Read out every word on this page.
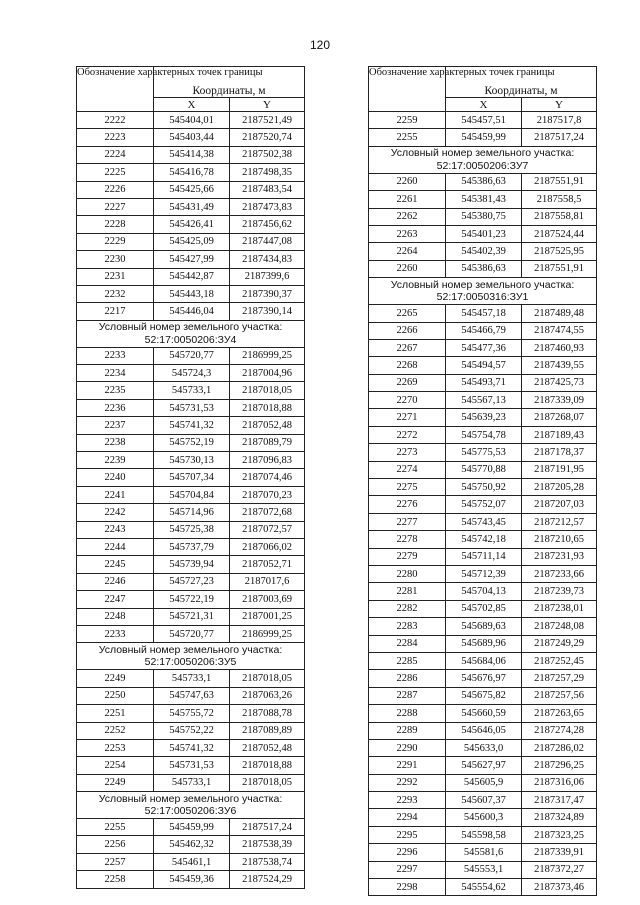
120
Обозначение характерных точек границы	Координаты, м	
	X	Y
2222	545404,01	2187521,49
2223	545403,44	2187520,74
2224	545414,38	2187502,38
2225	545416,78	2187498,35
2226	545425,66	2187483,54
2227	545431,49	2187473,83
2228	545426,41	2187456,62
2229	545425,09	2187447,08
2230	545427,99	2187434,83
2231	545442,87	2187399,6
2232	545443,18	2187390,37
2217	545446,04	2187390,14
Условный номер земельного участка: 52:17:0050206:ЗУ4		
2233	545720,77	2186999,25
2234	545724,3	2187004,96
2235	545733,1	2187018,05
2236	545731,53	2187018,88
2237	545741,32	2187052,48
2238	545752,19	2187089,79
2239	545730,13	2187096,83
2240	545707,34	2187074,46
2241	545704,84	2187070,23
2242	545714,96	2187072,68
2243	545725,38	2187072,57
2244	545737,79	2187066,02
2245	545739,94	2187052,71
2246	545727,23	2187017,6
2247	545722,19	2187003,69
2248	545721,31	2187001,25
2233	545720,77	2186999,25
Условный номер земельного участка: 52:17:0050206:ЗУ5		
2249	545733,1	2187018,05
2250	545747,63	2187063,26
2251	545755,72	2187088,78
2252	545752,22	2187089,89
2253	545741,32	2187052,48
2254	545731,53	2187018,88
2249	545733,1	2187018,05
Условный номер земельного участка: 52:17:0050206:ЗУ6		
2255	545459,99	2187517,24
2256	545462,32	2187538,39
2257	545461,1	2187538,74
2258	545459,36	2187524,29
Обозначение характерных точек границы	Координаты, м	
	X	Y
2259	545457,51	2187517,8
2255	545459,99	2187517,24
Условный номер земельного участка: 52:17:0050206:ЗУ7		
2260	545386,63	2187551,91
2261	545381,43	2187558,5
2262	545380,75	2187558,81
2263	545401,23	2187524,44
2264	545402,39	2187525,95
2260	545386,63	2187551,91
Условный номер земельного участка: 52:17:0050316:ЗУ1		
2265	545457,18	2187489,48
2266	545466,79	2187474,55
2267	545477,36	2187460,93
2268	545494,57	2187439,55
2269	545493,71	2187425,73
2270	545567,13	2187339,09
2271	545639,23	2187268,07
2272	545754,78	2187189,43
2273	545775,53	2187178,37
2274	545770,88	2187191,95
2275	545750,92	2187205,28
2276	545752,07	2187207,03
2277	545743,45	2187212,57
2278	545742,18	2187210,65
2279	545711,14	2187231,93
2280	545712,39	2187233,66
2281	545704,13	2187239,73
2282	545702,85	2187238,01
2283	545689,63	2187248,08
2284	545689,96	2187249,29
2285	545684,06	2187252,45
2286	545676,97	2187257,29
2287	545675,82	2187257,56
2288	545660,59	2187263,65
2289	545646,05	2187274,28
2290	545633,0	2187286,02
2291	545627,97	2187296,25
2292	545605,9	2187316,06
2293	545607,37	2187317,47
2294	545600,3	2187324,89
2295	545598,58	2187323,25
2296	545581,6	2187339,91
2297	545553,1	2187372,27
2298	545554,62	2187373,46
